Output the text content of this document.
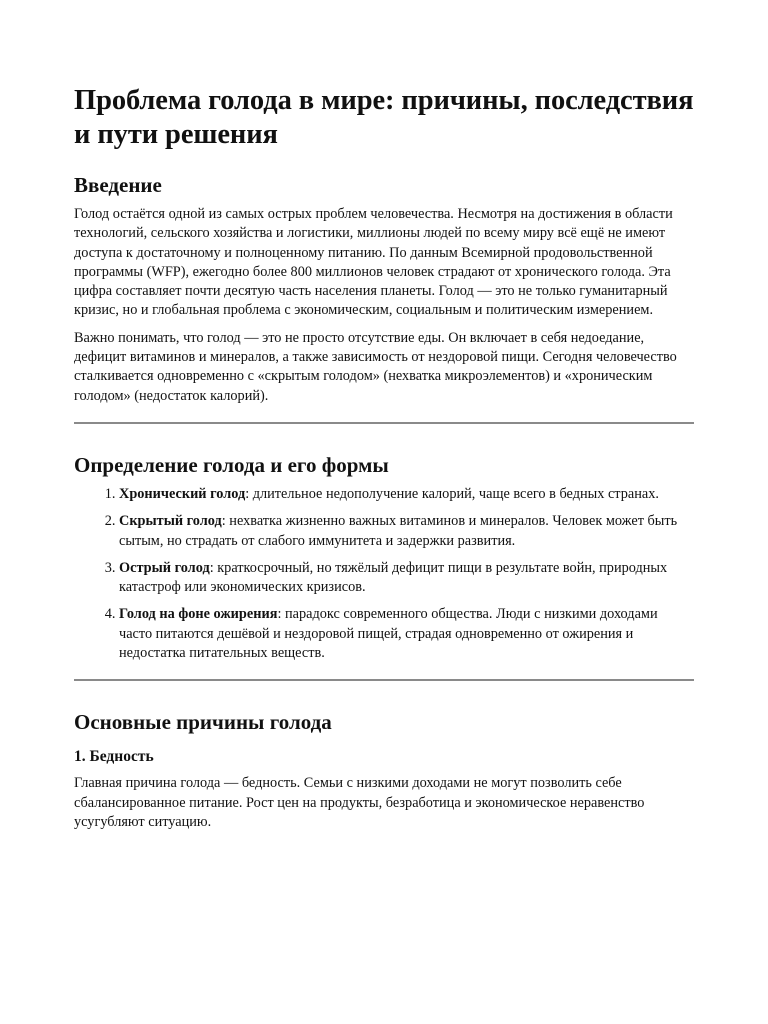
Проблема голода в мире: причины, последствия и пути решения
Введение

Голод остаётся одной из самых острых проблем человечества. Несмотря на достижения в области технологий, сельского хозяйства и логистики, миллионы людей по всему миру всё ещё не имеют доступа к достаточному и полноценному питанию. По данным Всемирной продовольственной программы (WFP), ежегодно более 800 миллионов человек страдают от хронического голода. Эта цифра составляет почти десятую часть населения планеты. Голод — это не только гуманитарный кризис, но и глобальная проблема с экономическим, социальным и политическим измерением.

Важно понимать, что голод — это не просто отсутствие еды. Он включает в себя недоедание, дефицит витаминов и минералов, а также зависимость от нездоровой пищи. Сегодня человечество сталкивается одновременно с «скрытым голодом» (нехватка микроэлементов) и «хроническим голодом» (недостаток калорий).

Определение голода и его формы
1. Хронический голод: длительное недополучение калорий, чаще всего в бедных странах.
2. Скрытый голод: нехватка жизненно важных витаминов и минералов. Человек может быть сытым, но страдать от слабого иммунитета и задержки развития.
3. Острый голод: краткосрочный, но тяжёлый дефицит пищи в результате войн, природных катастроф или экономических кризисов.
4. Голод на фоне ожирения: парадокс современного общества. Люди с низкими доходами часто питаются дешёвой и нездоровой пищей, страдая одновременно от ожирения и недостатка питательных веществ.
Основные причины голода
1. Бедность

Главная причина голода — бедность. Семьи с низкими доходами не могут позволить себе сбалансированное питание. Рост цен на продукты, безработица и экономическое неравенство усугубляют ситуацию.
